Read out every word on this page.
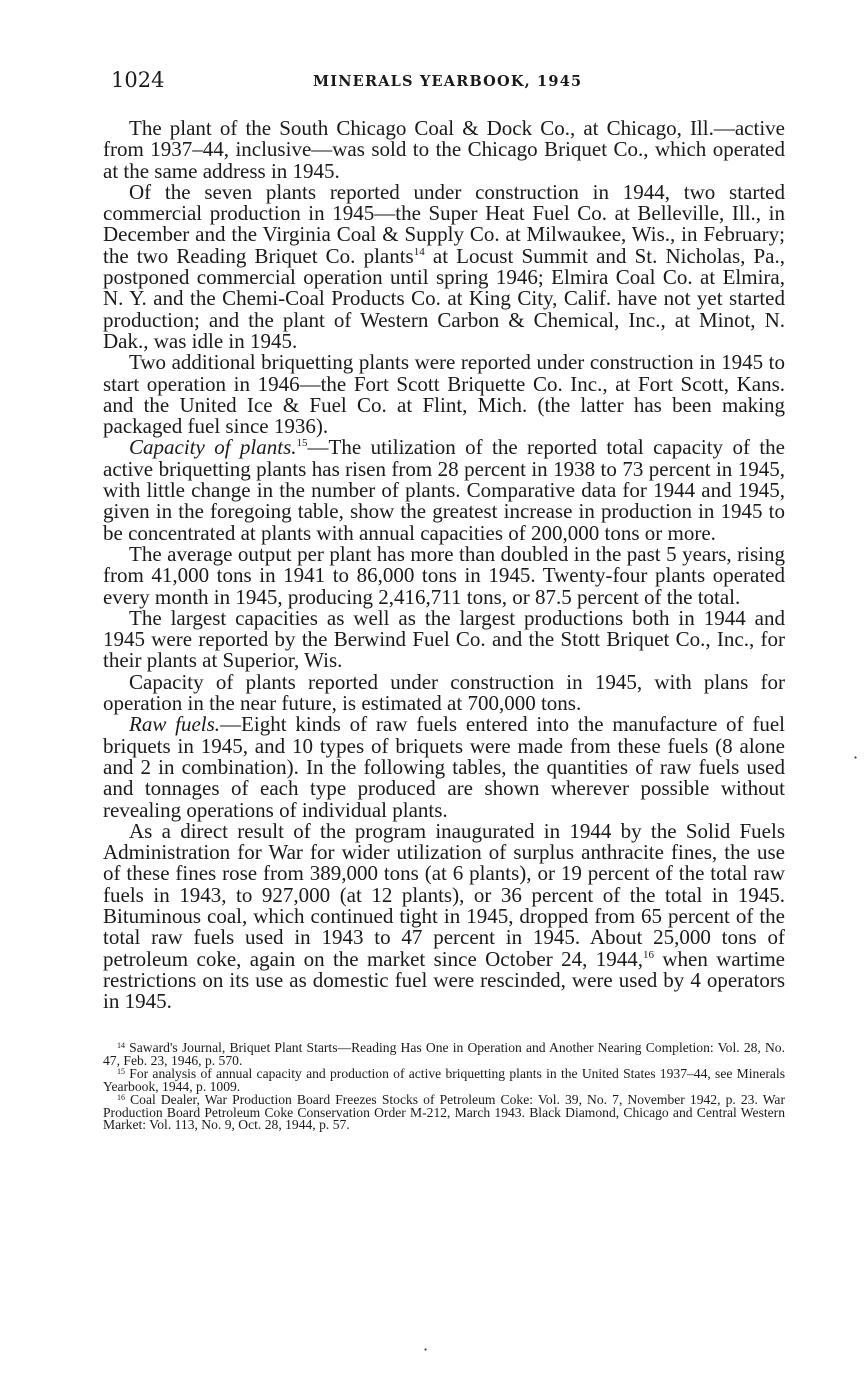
1024	MINERALS YEARBOOK, 1945

The plant of the South Chicago Coal & Dock Co., at Chicago, Ill.—active from 1937–44, inclusive—was sold to the Chicago Briquet Co., which operated at the same address in 1945.

Of the seven plants reported under construction in 1944, two started commercial production in 1945—the Super Heat Fuel Co. at Belleville, Ill., in December and the Virginia Coal & Supply Co. at Milwaukee, Wis., in February; the two Reading Briquet Co. plants$^{14}$ at Locust Summit and St. Nicholas, Pa., postponed commercial operation until spring 1946; Elmira Coal Co. at Elmira, N. Y. and the Chemi-Coal Products Co. at King City, Calif. have not yet started production; and the plant of Western Carbon & Chemical, Inc., at Minot, N. Dak., was idle in 1945.

Two additional briquetting plants were reported under construction in 1945 to start operation in 1946—the Fort Scott Briquette Co. Inc., at Fort Scott, Kans. and the United Ice & Fuel Co. at Flint, Mich. (the latter has been making packaged fuel since 1936).

Capacity of plants.$^{15}$—The utilization of the reported total capacity of the active briquetting plants has risen from 28 percent in 1938 to 73 percent in 1945, with little change in the number of plants. Comparative data for 1944 and 1945, given in the foregoing table, show the greatest increase in production in 1945 to be concentrated at plants with annual capacities of 200,000 tons or more.

The average output per plant has more than doubled in the past 5 years, rising from 41,000 tons in 1941 to 86,000 tons in 1945. Twenty-four plants operated every month in 1945, producing 2,416,711 tons, or 87.5 percent of the total.

The largest capacities as well as the largest productions both in 1944 and 1945 were reported by the Berwind Fuel Co. and the Stott Briquet Co., Inc., for their plants at Superior, Wis.

Capacity of plants reported under construction in 1945, with plans for operation in the near future, is estimated at 700,000 tons.

Raw fuels.—Eight kinds of raw fuels entered into the manufacture of fuel briquets in 1945, and 10 types of briquets were made from these fuels (8 alone and 2 in combination). In the following tables, the quantities of raw fuels used and tonnages of each type produced are shown wherever possible without revealing operations of individual plants.

As a direct result of the program inaugurated in 1944 by the Solid Fuels Administration for War for wider utilization of surplus anthracite fines, the use of these fines rose from 389,000 tons (at 6 plants), or 19 percent of the total raw fuels in 1943, to 927,000 (at 12 plants), or 36 percent of the total in 1945. Bituminous coal, which continued tight in 1945, dropped from 65 percent of the total raw fuels used in 1943 to 47 percent in 1945. About 25,000 tons of petroleum coke, again on the market since October 24, 1944,16 when wartime restrictions on its use as domestic fuel were rescinded, were used by 4 operators in 1945.

$^{14}$ Saward's Journal, Briquet Plant Starts—Reading Has One in Operation and Another Nearing Completion: Vol. 28, No. 47, Feb. 23, 1946, p. 570.

$^{15}$ For analysis of annual capacity and production of active briquetting plants in the United States 1937–44, see Minerals Yearbook, 1944, p. 1009.

$^{16}$ Coal Dealer, War Production Board Freezes Stocks of Petroleum Coke: Vol. 39, No. 7, November 1942, p. 23. War Production Board Petroleum Coke Conservation Order M-212, March 1943. Black Diamond, Chicago and Central Western Market: Vol. 113, No. 9, Oct. 28, 1944, p. 57.

·
·
